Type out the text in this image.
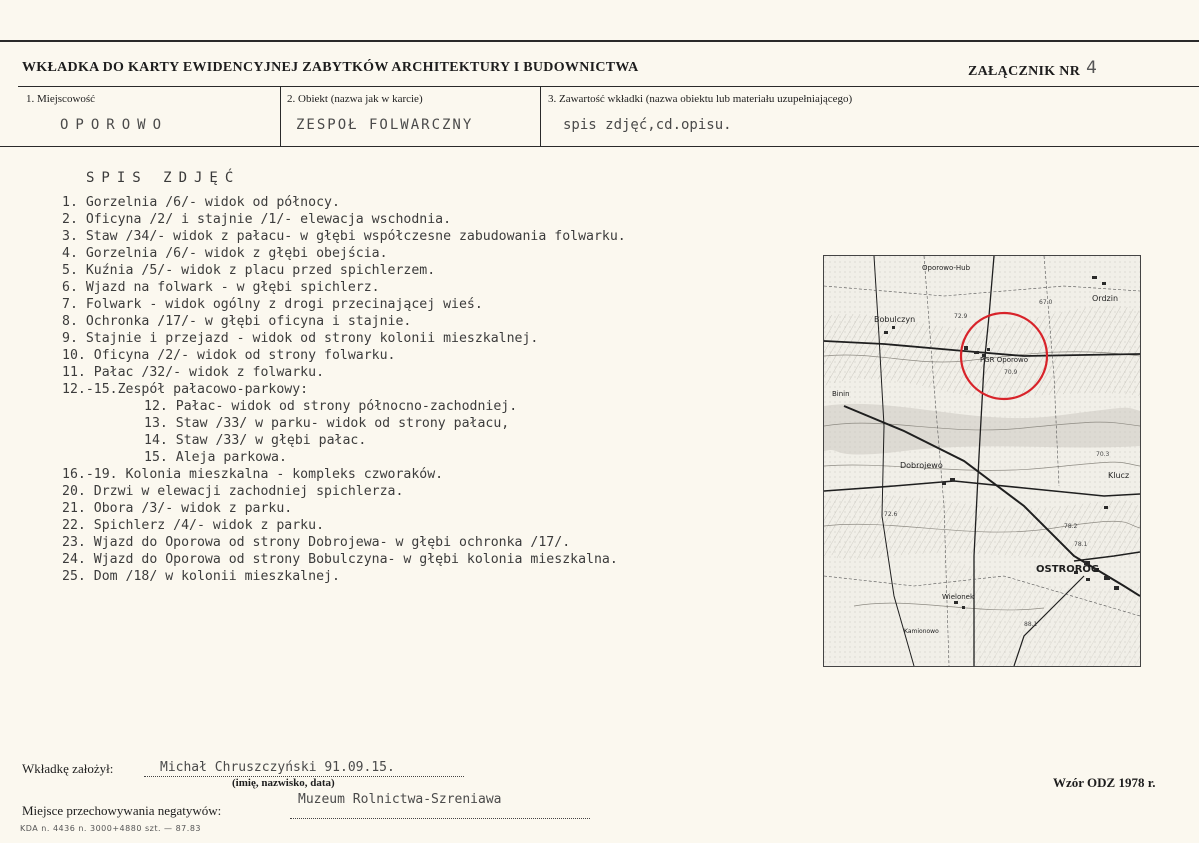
WKŁADKA DO KARTY EWIDENCYJNEJ ZABYTKÓW ARCHITEKTURY I BUDOWNICTWA	ZAŁĄCZNIK NR 4
1. Miejscowość
OPOROWO
2. Obiekt (nazwa jak w karcie)
ZESPOŁ FOLWARCZNY
3. Zawartość wkładki (nazwa obiektu lub materiału uzupełniającego)
spis zdjęć,cd.opisu.
SPIS ZDJĘĆ
1. Gorzelnia /6/- widok od północy.
2. Oficyna /2/ i stajnie /1/- elewacja wschodnia.
3. Staw /34/- widok z pałacu- w głębi współczesne zabudowania folwarku.
4. Gorzelnia /6/- widok z głębi obejścia.
5. Kuźnia /5/- widok z placu przed spichlerzem.
6. Wjazd na folwark - w głębi spichlerz.
7. Folwark - widok ogólny z drogi przecinającej wieś.
8. Ochronka /17/- w głębi oficyna i stajnie.
9. Stajnie i przejazd - widok od strony kolonii mieszkalnej.
10. Oficyna /2/- widok od strony folwarku.
11. Pałac /32/- widok z folwarku.
12.-15.Zespół pałacowo-parkowy:
12. Pałac- widok od strony północno-zachodniej.
13. Staw /33/ w parku- widok od strony pałacu,
14. Staw /33/ w głębi pałac.
15. Aleja parkowa.
16.-19. Kolonia mieszkalna - kompleks czworaków.
20. Drzwi w elewacji zachodniej spichlerza.
21. Obora /3/- widok z parku.
22. Spichlerz /4/- widok z parku.
23. Wjazd do Oporowa od strony Dobrojewa- w głębi ochronka /17/.
24. Wjazd do Oporowa od strony Bobulczyna- w głębi kolonia mieszkalna.
25. Dom /18/ w kolonii mieszkalnej.
67.0
72.9
70.9
78.2
78.1
72.6
88.1
70.3
Oporowo-Hub
Ordzin
Bobulczyn
PGR Oporowo
Binin
Dobrojewo
Klucz
OSTRORÓG
Wielonek
Kamionowo
Wkładkę założył:	Michał Chruszczyński 91.09.15.
(imię, nazwisko, data)	Wzór ODZ 1978 r.
Miejsce przechowywania negatywów:
Muzeum Rolnictwa-Szreniawa
KDA n. 4436 n. 3000+4880 szt. — 87.83
